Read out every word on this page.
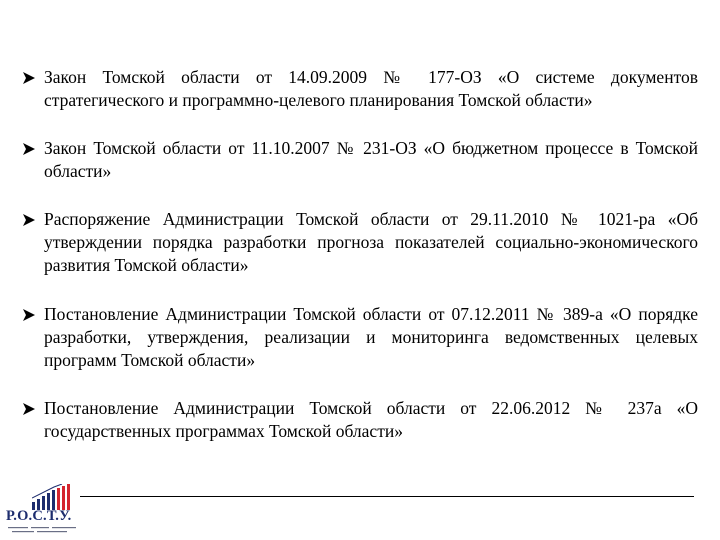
Закон Томской области от 14.09.2009 № 177-ОЗ «О системе документов стратегического и программно-целевого планирования Томской области»
Закон Томской области от 11.10.2007 № 231-ОЗ «О бюджетном процессе в Томской области»
Распоряжение Администрации Томской области от 29.11.2010 № 1021-ра «Об утверждении порядка разработки прогноза показателей социально-экономического развития Томской области»
Постановление Администрации Томской области от 07.12.2011 № 389-а «О порядке разработки, утверждения, реализации и мониторинга ведомственных целевых программ Томской области»
Постановление Администрации Томской области от 22.06.2012 № 237а «О государственных программах Томской области»
Р.О.С.Т.У.
